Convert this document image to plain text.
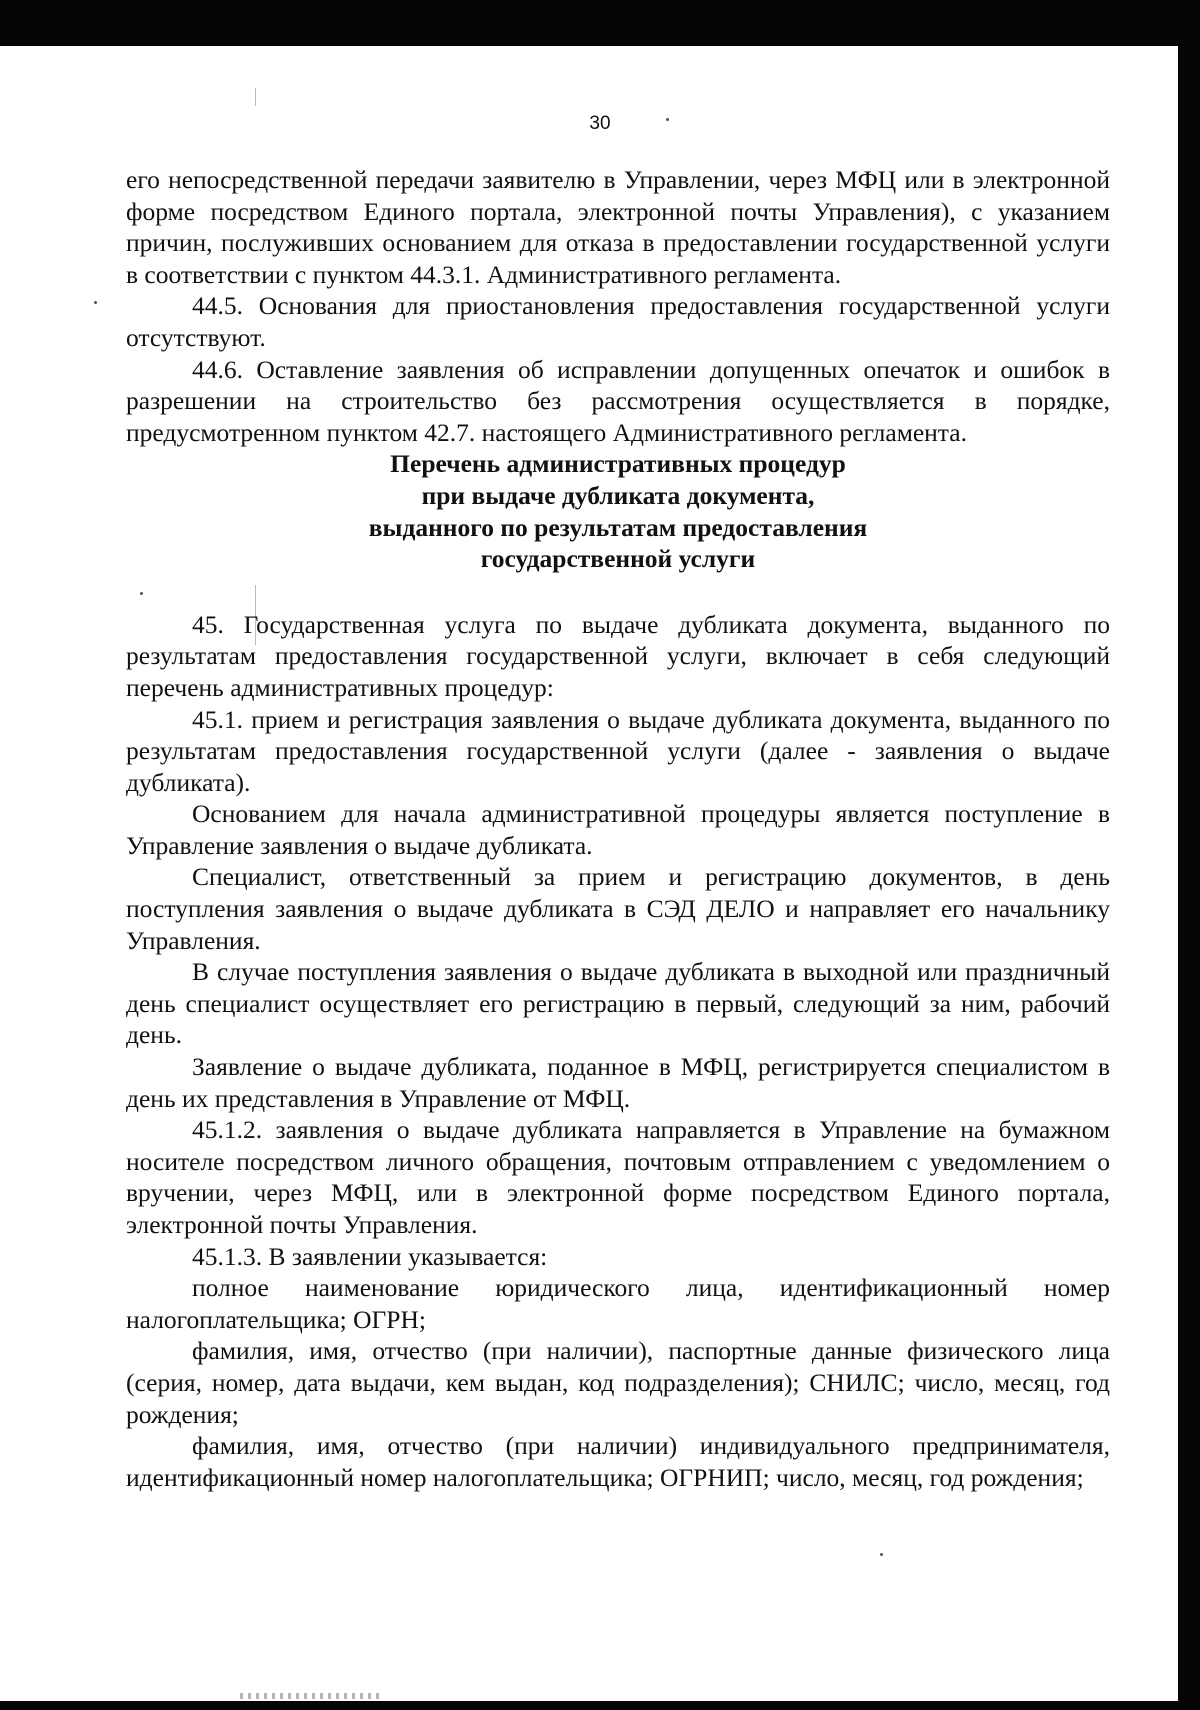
30

его непосредственной передачи заявителю в Управлении, через МФЦ или в электронной форме посредством Единого портала, электронной почты Управления), с указанием причин, послуживших основанием для отказа в предоставлении государственной услуги в соответствии с пунктом 44.3.1. Административного регламента.

44.5. Основания для приостановления предоставления государственной услуги отсутствуют.

44.6. Оставление заявления об исправлении допущенных опечаток и ошибок в разрешении на строительство без рассмотрения осуществляется в порядке, предусмотренном пунктом 42.7. настоящего Административного регламента.

Перечень административных процедур
при выдаче дубликата документа,
выданного по результатам предоставления
государственной услуги

45. Государственная услуга по выдаче дубликата документа, выданного по результатам предоставления государственной услуги, включает в себя следующий перечень административных процедур:

45.1. прием и регистрация заявления о выдаче дубликата документа, выданного по результатам предоставления государственной услуги (далее - заявления о выдаче дубликата).

Основанием для начала административной процедуры является поступление в Управление заявления о выдаче дубликата.

Специалист, ответственный за прием и регистрацию документов, в день поступления заявления о выдаче дубликата в СЭД ДЕЛО и направляет его начальнику Управления.

В случае поступления заявления о выдаче дубликата в выходной или праздничный день специалист осуществляет его регистрацию в первый, следующий за ним, рабочий день.

Заявление о выдаче дубликата, поданное в МФЦ, регистрируется специалистом в день их представления в Управление от МФЦ.

45.1.2. заявления о выдаче дубликата направляется в Управление на бумажном носителе посредством личного обращения, почтовым отправлением с уведомлением о вручении, через МФЦ, или в электронной форме посредством Единого портала, электронной почты Управления.

45.1.3. В заявлении указывается:

полное наименование юридического лица, идентификационный номер налогоплательщика; ОГРН;

фамилия, имя, отчество (при наличии), паспортные данные физического лица (серия, номер, дата выдачи, кем выдан, код подразделения); СНИЛС; число, месяц, год рождения;

фамилия, имя, отчество (при наличии) индивидуального предпринимателя, идентификационный номер налогоплательщика; ОГРНИП; число, месяц, год рождения;
